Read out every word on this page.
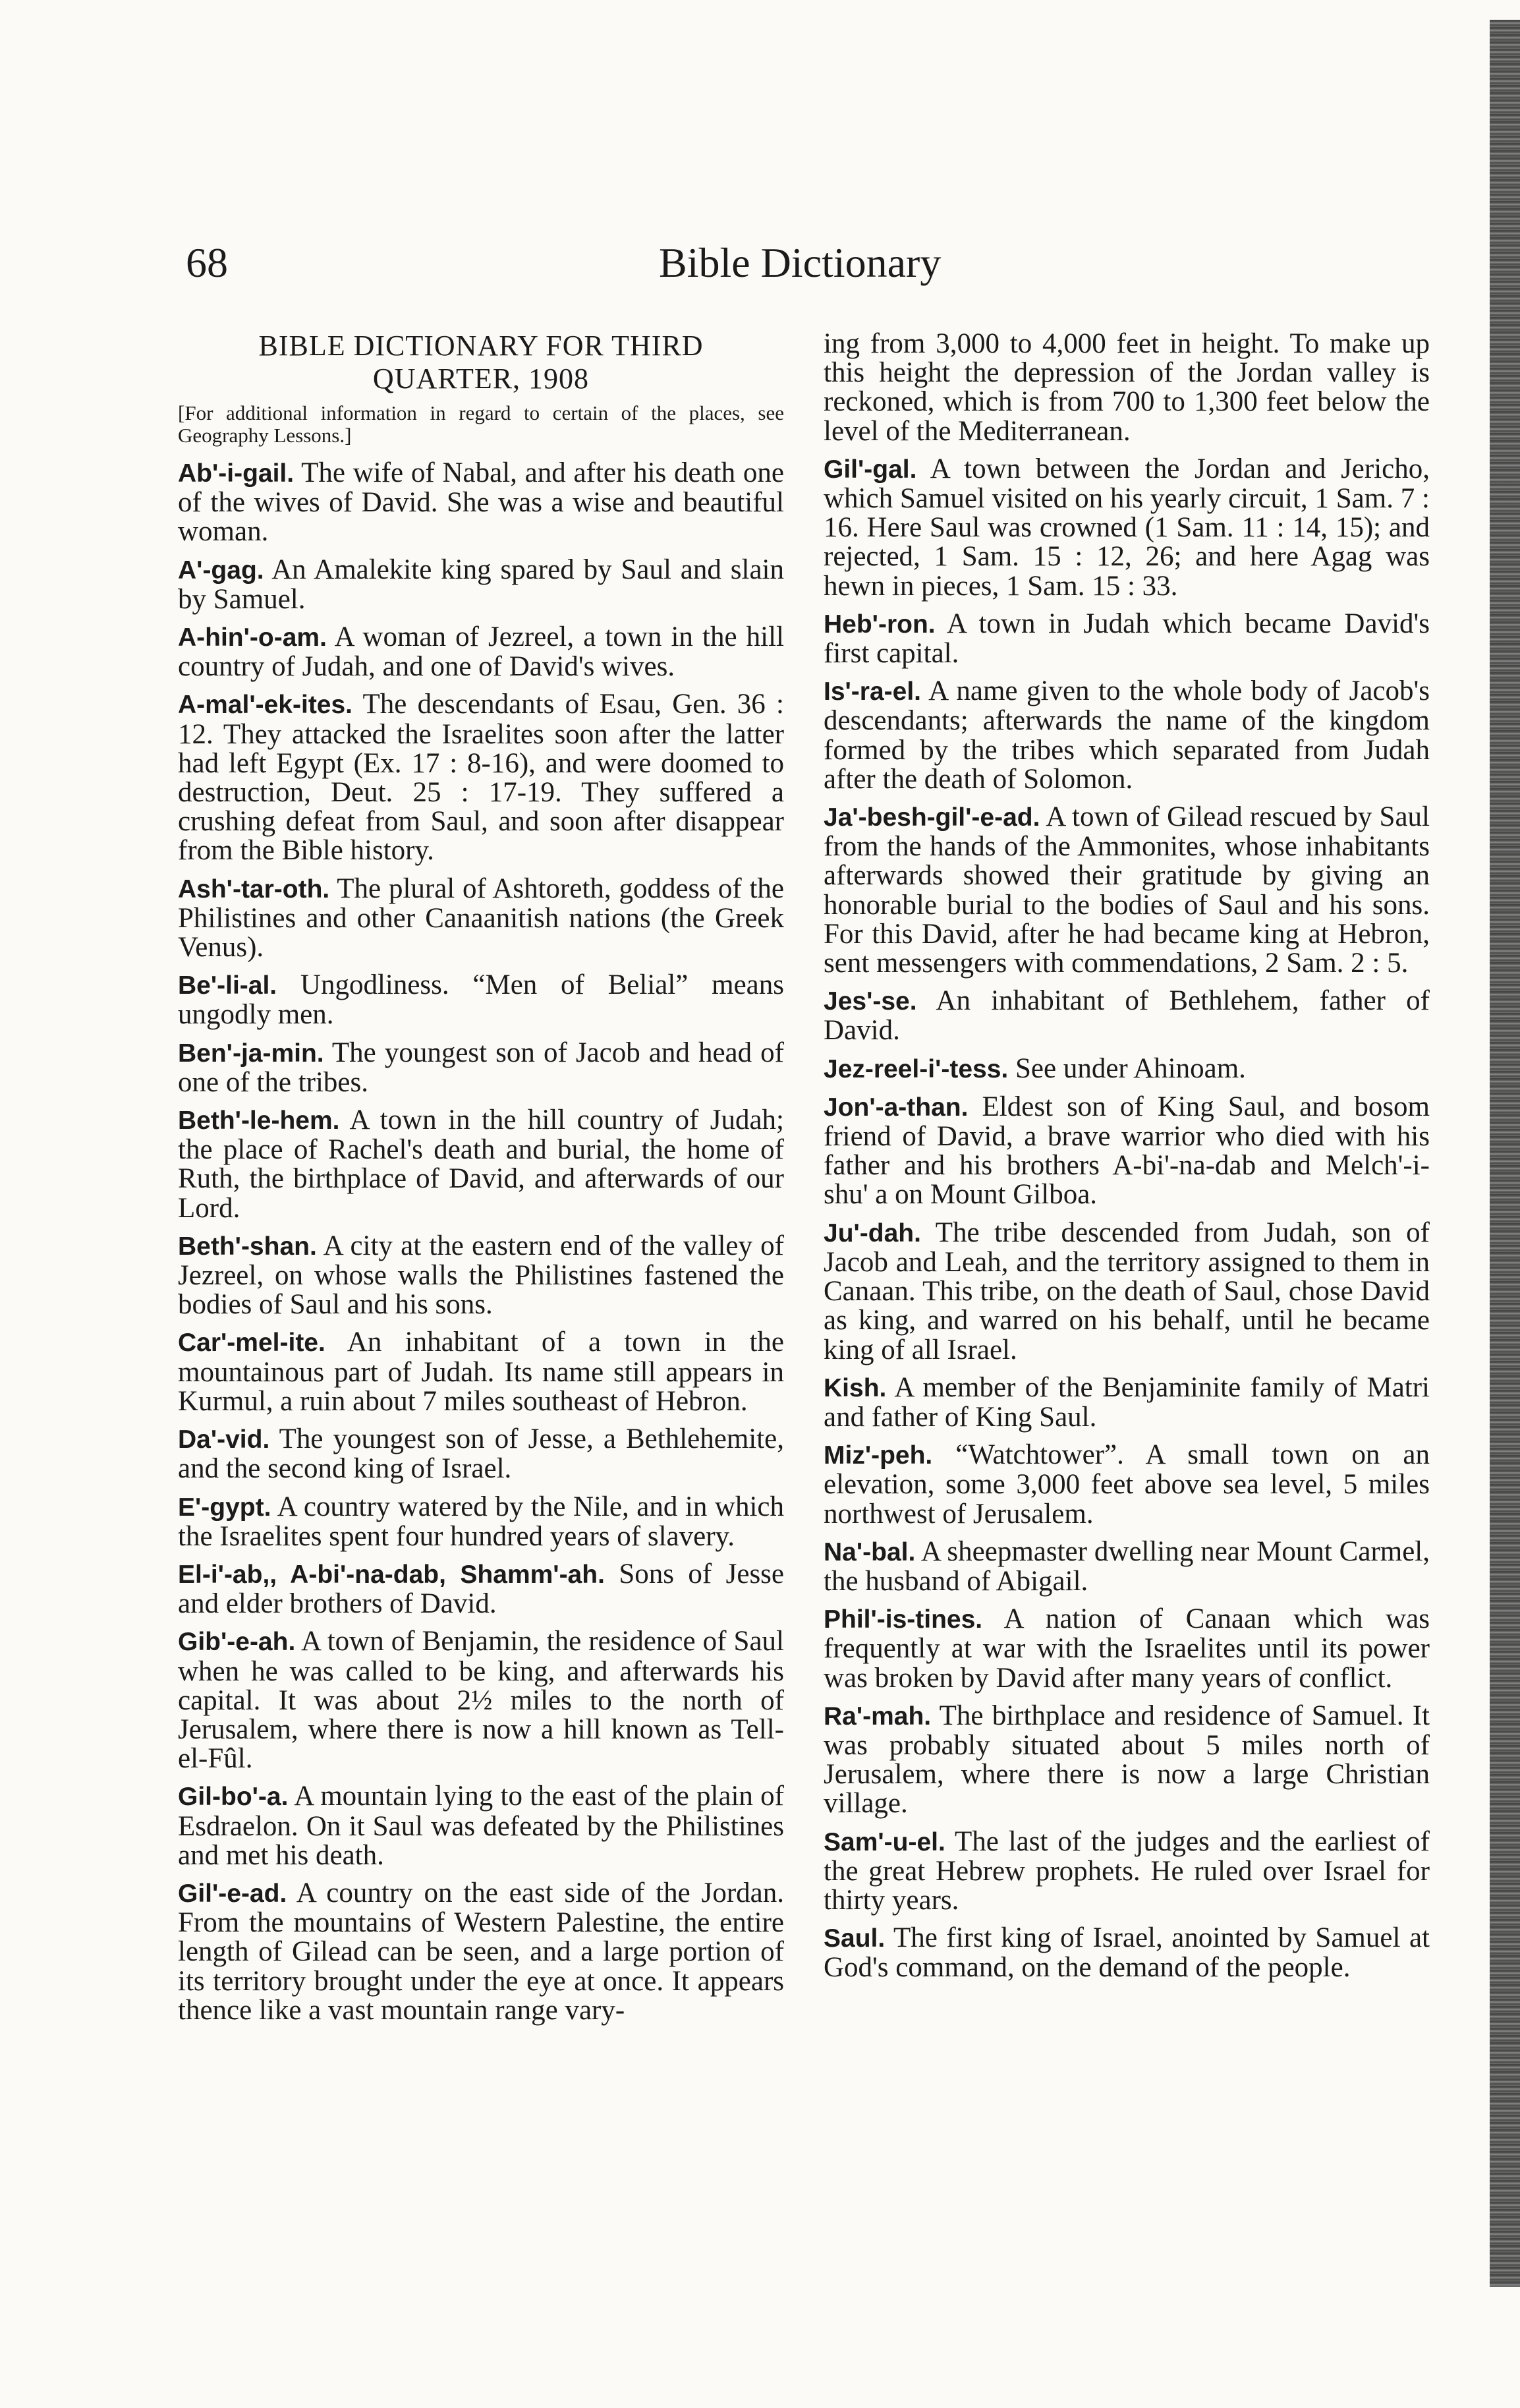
68	Bible Dictionary
BIBLE DICTIONARY FOR THIRD
QUARTER, 1908

[For additional information in regard to certain of the places, see Geography Lessons.]

Ab'-i-gail. The wife of Nabal, and after his death one of the wives of David. She was a wise and beautiful woman.

A'-gag. An Amalekite king spared by Saul and slain by Samuel.

A-hin'-o-am. A woman of Jezreel, a town in the hill country of Judah, and one of David's wives.

A-mal'-ek-ites. The descendants of Esau, Gen. 36 : 12. They attacked the Israelites soon after the latter had left Egypt (Ex. 17 : 8-16), and were doomed to destruction, Deut. 25 : 17-19. They suffered a crushing defeat from Saul, and soon after disappear from the Bible history.

Ash'-tar-oth. The plural of Ashtoreth, goddess of the Philistines and other Canaanitish nations (the Greek Venus).

Be'-li-al. Ungodliness. “Men of Belial” means ungodly men.

Ben'-ja-min. The youngest son of Jacob and head of one of the tribes.

Beth'-le-hem. A town in the hill country of Judah; the place of Rachel's death and burial, the home of Ruth, the birthplace of David, and afterwards of our Lord.

Beth'-shan. A city at the eastern end of the valley of Jezreel, on whose walls the Philistines fastened the bodies of Saul and his sons.

Car'-mel-ite. An inhabitant of a town in the mountainous part of Judah. Its name still appears in Kurmul, a ruin about 7 miles southeast of Hebron.

Da'-vid. The youngest son of Jesse, a Bethlehemite, and the second king of Israel.

E'-gypt. A country watered by the Nile, and in which the Israelites spent four hundred years of slavery.

El-i'-ab,, A-bi'-na-dab, Shamm'-ah. Sons of Jesse and elder brothers of David.

Gib'-e-ah. A town of Benjamin, the residence of Saul when he was called to be king, and afterwards his capital. It was about 2½ miles to the north of Jerusalem, where there is now a hill known as Tell-el-Fûl.

Gil-bo'-a. A mountain lying to the east of the plain of Esdraelon. On it Saul was defeated by the Philistines and met his death.

Gil'-e-ad. A country on the east side of the Jordan. From the mountains of Western Palestine, the entire length of Gilead can be seen, and a large portion of its territory brought under the eye at once. It appears thence like a vast mountain range vary-

ing from 3,000 to 4,000 feet in height. To make up this height the depression of the Jordan valley is reckoned, which is from 700 to 1,300 feet below the level of the Mediterranean.

Gil'-gal. A town between the Jordan and Jericho, which Samuel visited on his yearly circuit, 1 Sam. 7 : 16. Here Saul was crowned (1 Sam. 11 : 14, 15); and rejected, 1 Sam. 15 : 12, 26; and here Agag was hewn in pieces, 1 Sam. 15 : 33.

Heb'-ron. A town in Judah which became David's first capital.

Is'-ra-el. A name given to the whole body of Jacob's descendants; afterwards the name of the kingdom formed by the tribes which separated from Judah after the death of Solomon.

Ja'-besh-gil'-e-ad. A town of Gilead rescued by Saul from the hands of the Ammonites, whose inhabitants afterwards showed their gratitude by giving an honorable burial to the bodies of Saul and his sons. For this David, after he had became king at Hebron, sent messengers with commendations, 2 Sam. 2 : 5.

Jes'-se. An inhabitant of Bethlehem, father of David.

Jez-reel-i'-tess. See under Ahinoam.

Jon'-a-than. Eldest son of King Saul, and bosom friend of David, a brave warrior who died with his father and his brothers A-bi'-na-dab and Melch'-i-shu' a on Mount Gilboa.

Ju'-dah. The tribe descended from Judah, son of Jacob and Leah, and the territory assigned to them in Canaan. This tribe, on the death of Saul, chose David as king, and warred on his behalf, until he became king of all Israel.

Kish. A member of the Benjaminite family of Matri and father of King Saul.

Miz'-peh. “Watchtower”. A small town on an elevation, some 3,000 feet above sea level, 5 miles northwest of Jerusalem.

Na'-bal. A sheepmaster dwelling near Mount Carmel, the husband of Abigail.

Phil'-is-tines. A nation of Canaan which was frequently at war with the Israelites until its power was broken by David after many years of conflict.

Ra'-mah. The birthplace and residence of Samuel. It was probably situated about 5 miles north of Jerusalem, where there is now a large Christian village.

Sam'-u-el. The last of the judges and the earliest of the great Hebrew prophets. He ruled over Israel for thirty years.

Saul. The first king of Israel, anointed by Samuel at God's command, on the demand of the people.
